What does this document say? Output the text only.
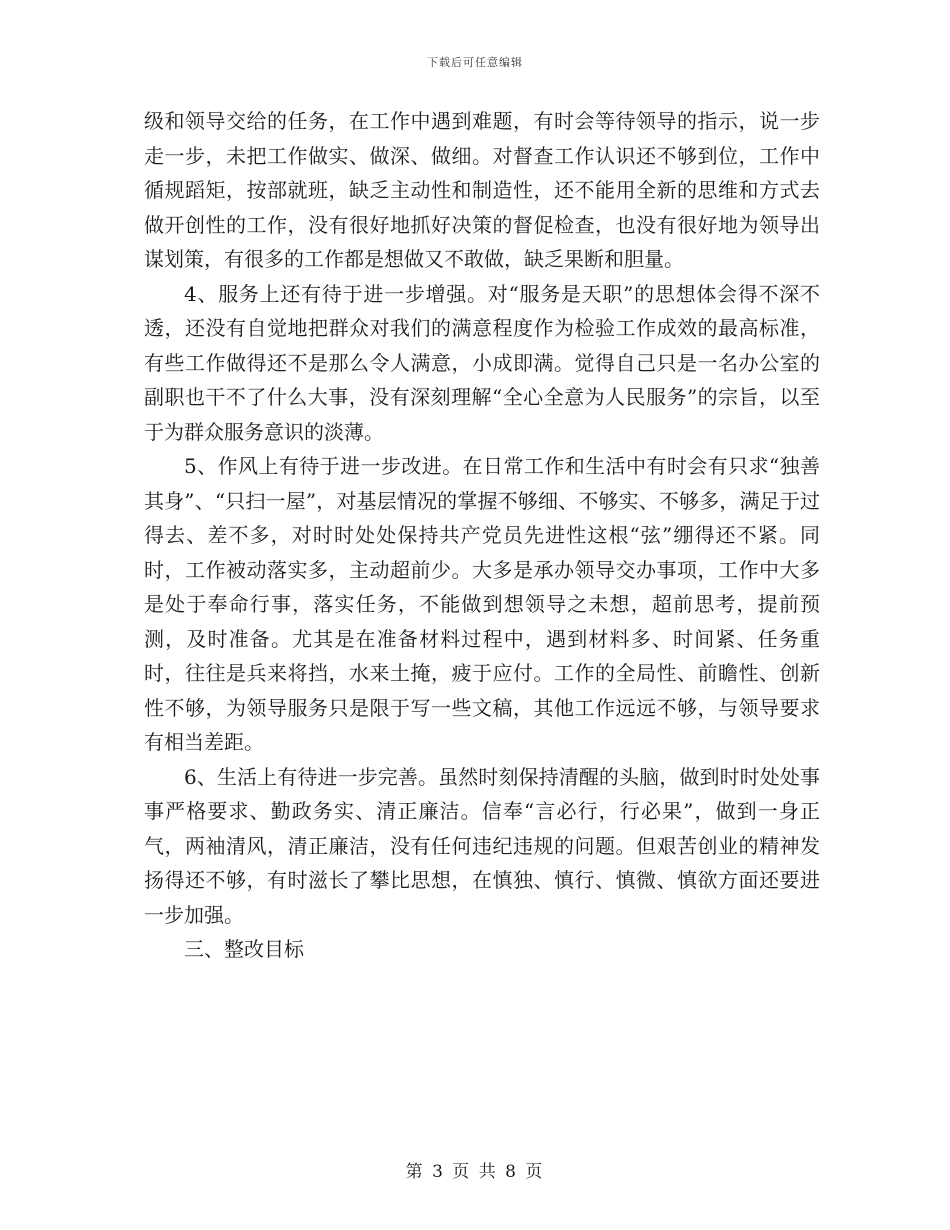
下载后可任意编辑

级和领导交给的任务，在工作中遇到难题，有时会等待领导的指示，说一步走一步，未把工作做实、做深、做细。对督查工作认识还不够到位，工作中循规蹈矩，按部就班，缺乏主动性和制造性，还不能用全新的思维和方式去做开创性的工作，没有很好地抓好决策的督促检查，也没有很好地为领导出谋划策，有很多的工作都是想做又不敢做，缺乏果断和胆量。

4、服务上还有待于进一步增强。对“服务是天职”的思想体会得不深不透，还没有自觉地把群众对我们的满意程度作为检验工作成效的最高标准，有些工作做得还不是那么令人满意，小成即满。觉得自己只是一名办公室的副职也干不了什么大事，没有深刻理解“全心全意为人民服务”的宗旨，以至于为群众服务意识的淡薄。

5、作风上有待于进一步改进。在日常工作和生活中有时会有只求“独善其身”、“只扫一屋”，对基层情况的掌握不够细、不够实、不够多，满足于过得去、差不多，对时时处处保持共产党员先进性这根“弦”绷得还不紧。同时，工作被动落实多，主动超前少。大多是承办领导交办事项，工作中大多是处于奉命行事，落实任务，不能做到想领导之未想，超前思考，提前预测，及时准备。尤其是在准备材料过程中，遇到材料多、时间紧、任务重时，往往是兵来将挡，水来土掩，疲于应付。工作的全局性、前瞻性、创新性不够，为领导服务只是限于写一些文稿，其他工作远远不够，与领导要求有相当差距。

6、生活上有待进一步完善。虽然时刻保持清醒的头脑，做到时时处处事事严格要求、勤政务实、清正廉洁。信奉“言必行，行必果”，做到一身正气，两袖清风，清正廉洁，没有任何违纪违规的问题。但艰苦创业的精神发扬得还不够，有时滋长了攀比思想，在慎独、慎行、慎微、慎欲方面还要进一步加强。

三、整改目标

第 3 页 共 8 页
